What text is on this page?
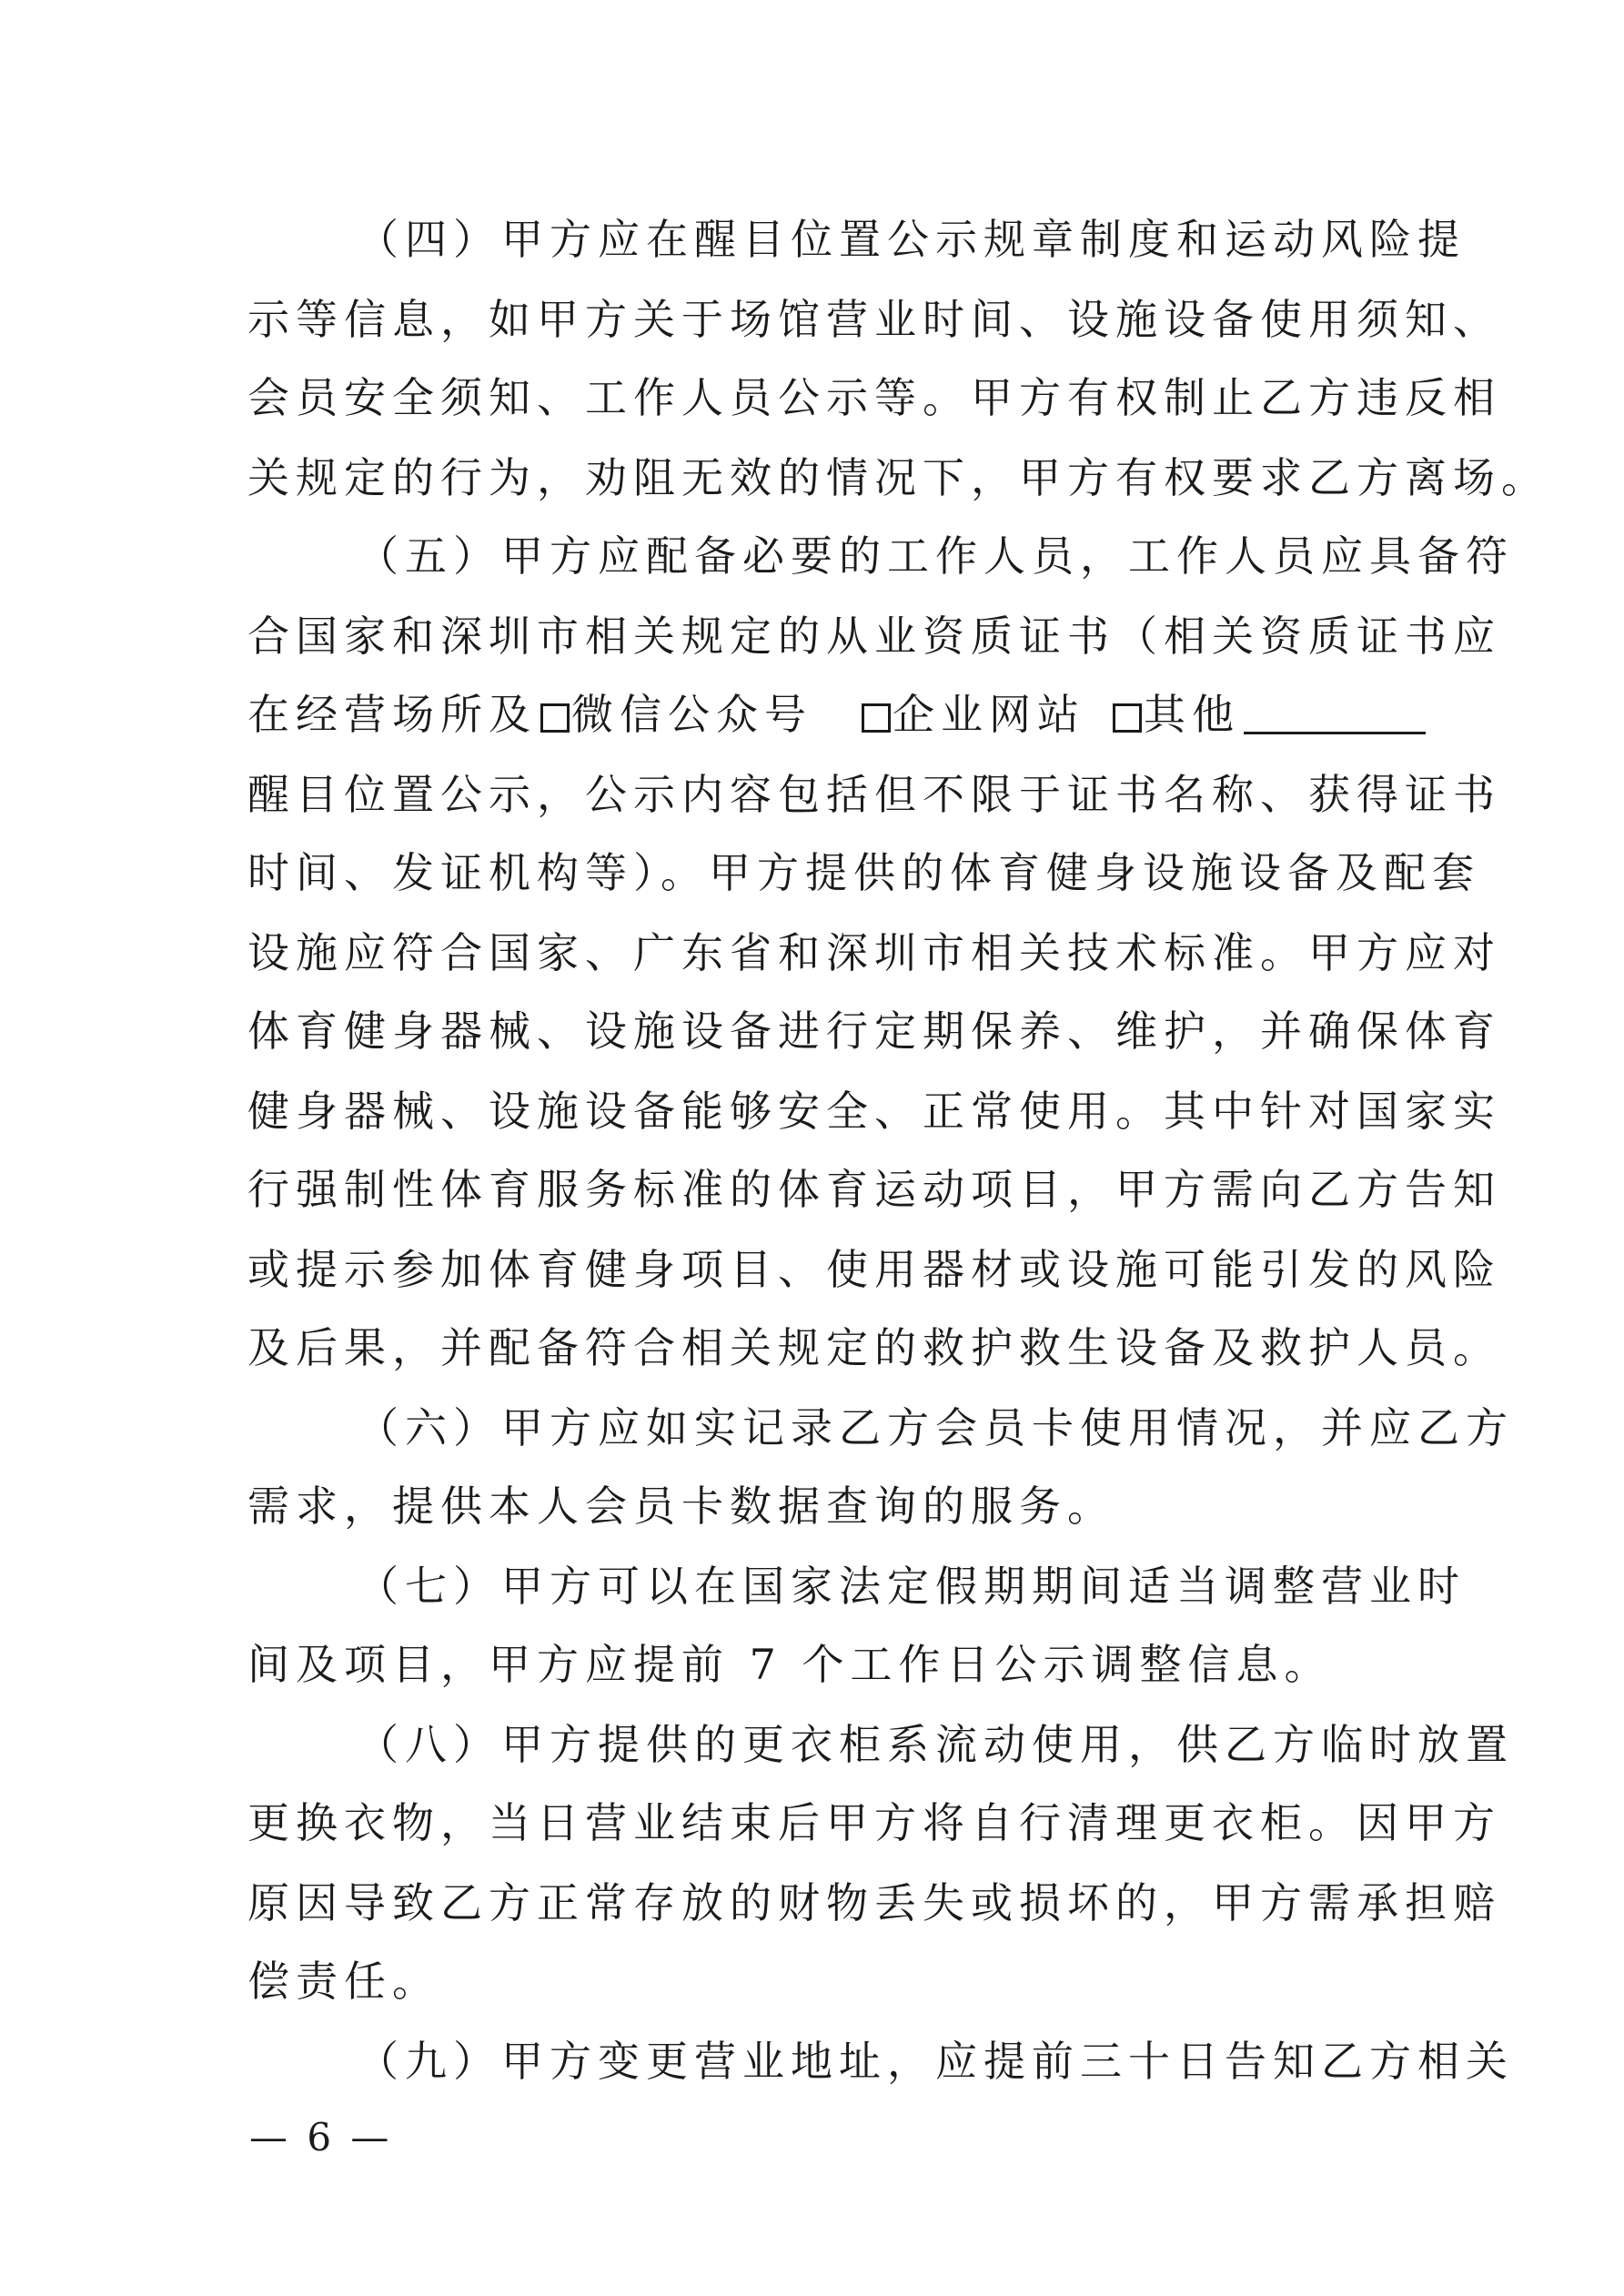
（四）甲方应在醒目位置公示规章制度和运动风险提
示等信息，如甲方关于场馆营业时间、设施设备使用须知、
会员安全须知、工作人员公示等。甲方有权制止乙方违反相
关规定的行为，劝阻无效的情况下，甲方有权要求乙方离场。
（五）甲方应配备必要的工作人员，工作人员应具备符
合国家和深圳市相关规定的从业资质证书（相关资质证书应
在经营场所及 微信公众号 企业网站 其他
醒目位置公示，公示内容包括但不限于证书名称、获得证书
时间、发证机构等）。甲方提供的体育健身设施设备及配套
设施应符合国家、广东省和深圳市相关技术标准。甲方应对
体育健身器械、设施设备进行定期保养、维护，并确保体育
健身器械、设施设备能够安全、正常使用。其中针对国家实
行强制性体育服务标准的体育运动项目，甲方需向乙方告知
或提示参加体育健身项目、使用器材或设施可能引发的风险
及后果，并配备符合相关规定的救护救生设备及救护人员。
（六）甲方应如实记录乙方会员卡使用情况，并应乙方
需求，提供本人会员卡数据查询的服务。
（七）甲方可以在国家法定假期期间适当调整营业时
间及项目，甲方应提前 7 个工作日公示调整信息。
（八）甲方提供的更衣柜系流动使用，供乙方临时放置
更换衣物，当日营业结束后甲方将自行清理更衣柜。因甲方
原因导致乙方正常存放的财物丢失或损坏的，甲方需承担赔
偿责任。
（九）甲方变更营业地址，应提前三十日告知乙方相关
— 6 —
